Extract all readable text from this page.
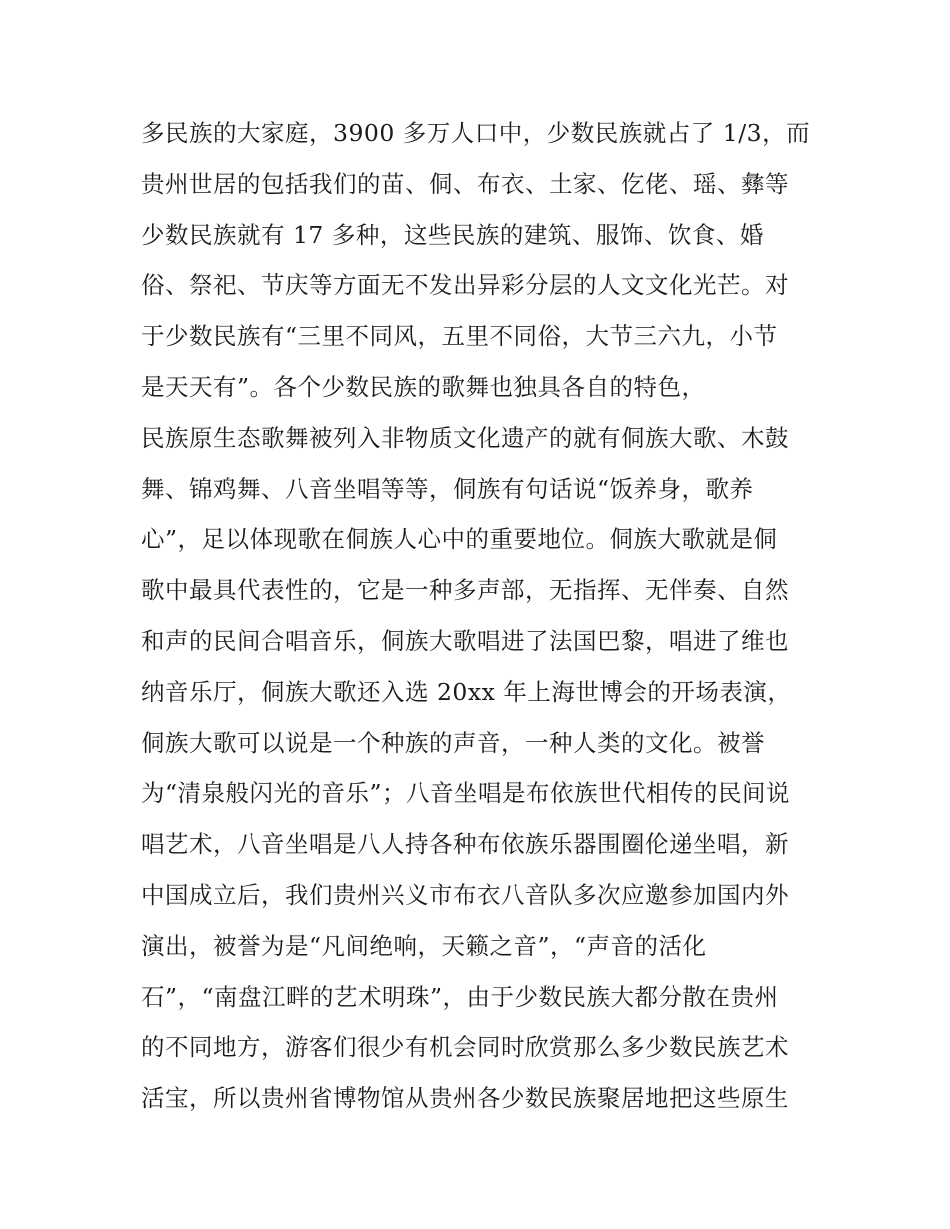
多民族的大家庭，3900 多万人口中，少数民族就占了 1/3，而
贵州世居的包括我们的苗、侗、布衣、土家、仡佬、瑶、彝等
少数民族就有 17 多种，这些民族的建筑、服饰、饮食、婚
俗、祭祀、节庆等方面无不发出异彩分层的人文文化光芒。对
于少数民族有“三里不同风，五里不同俗，大节三六九，小节
是天天有”。各个少数民族的歌舞也独具各自的特色，
民族原生态歌舞被列入非物质文化遗产的就有侗族大歌、木鼓
舞、锦鸡舞、八音坐唱等等，侗族有句话说“饭养身，歌养
心”，足以体现歌在侗族人心中的重要地位。侗族大歌就是侗
歌中最具代表性的，它是一种多声部，无指挥、无伴奏、自然
和声的民间合唱音乐，侗族大歌唱进了法国巴黎，唱进了维也
纳音乐厅，侗族大歌还入选 20xx 年上海世博会的开场表演，
侗族大歌可以说是一个种族的声音，一种人类的文化。被誉
为“清泉般闪光的音乐”；八音坐唱是布依族世代相传的民间说
唱艺术，八音坐唱是八人持各种布依族乐器围圈伦递坐唱，新
中国成立后，我们贵州兴义市布衣八音队多次应邀参加国内外
演出，被誉为是“凡间绝响，天籁之音”，“声音的活化
石”，“南盘江畔的艺术明珠”，由于少数民族大都分散在贵州
的不同地方，游客们很少有机会同时欣赏那么多少数民族艺术
活宝，所以贵州省博物馆从贵州各少数民族聚居地把这些原生
